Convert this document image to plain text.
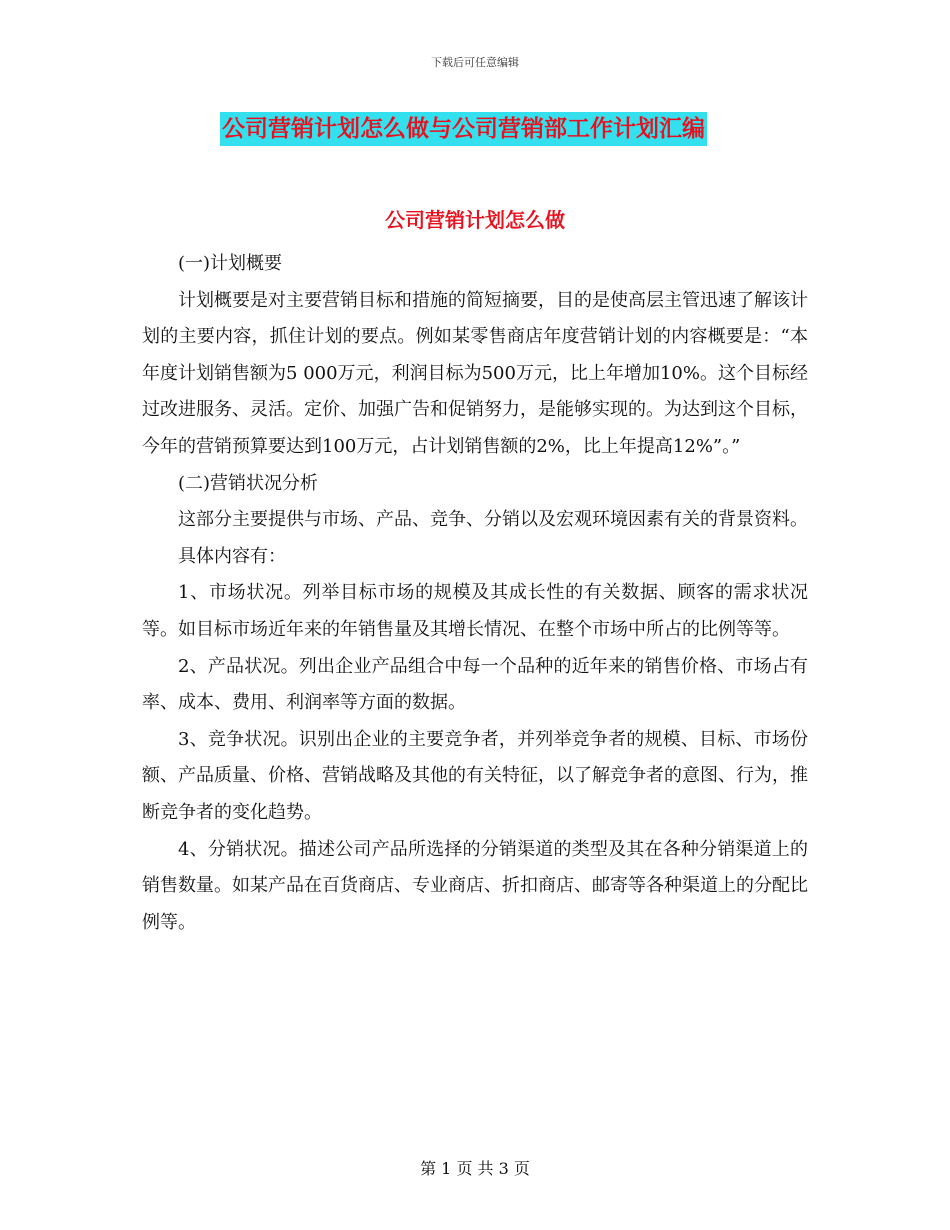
下载后可任意编辑
公司营销计划怎么做与公司营销部工作计划汇编
公司营销计划怎么做

(一)计划概要

计划概要是对主要营销目标和措施的简短摘要，目的是使高层主管迅速了解该计划的主要内容，抓住计划的要点。例如某零售商店年度营销计划的内容概要是：“本年度计划销售额为5 000万元，利润目标为500万元，比上年增加10%。这个目标经过改进服务、灵活。定价、加强广告和促销努力，是能够实现的。为达到这个目标，今年的营销预算要达到100万元，占计划销售额的2%，比上年提高12%”。”

(二)营销状况分析

这部分主要提供与市场、产品、竞争、分销以及宏观环境因素有关的背景资料。

具体内容有：

1、市场状况。列举目标市场的规模及其成长性的有关数据、顾客的需求状况等。如目标市场近年来的年销售量及其增长情况、在整个市场中所占的比例等等。

2、产品状况。列出企业产品组合中每一个品种的近年来的销售价格、市场占有率、成本、费用、利润率等方面的数据。

3、竞争状况。识别出企业的主要竞争者，并列举竞争者的规模、目标、市场份额、产品质量、价格、营销战略及其他的有关特征，以了解竞争者的意图、行为，推断竞争者的变化趋势。

4、分销状况。描述公司产品所选择的分销渠道的类型及其在各种分销渠道上的销售数量。如某产品在百货商店、专业商店、折扣商店、邮寄等各种渠道上的分配比例等。

第 1 页 共 3 页
